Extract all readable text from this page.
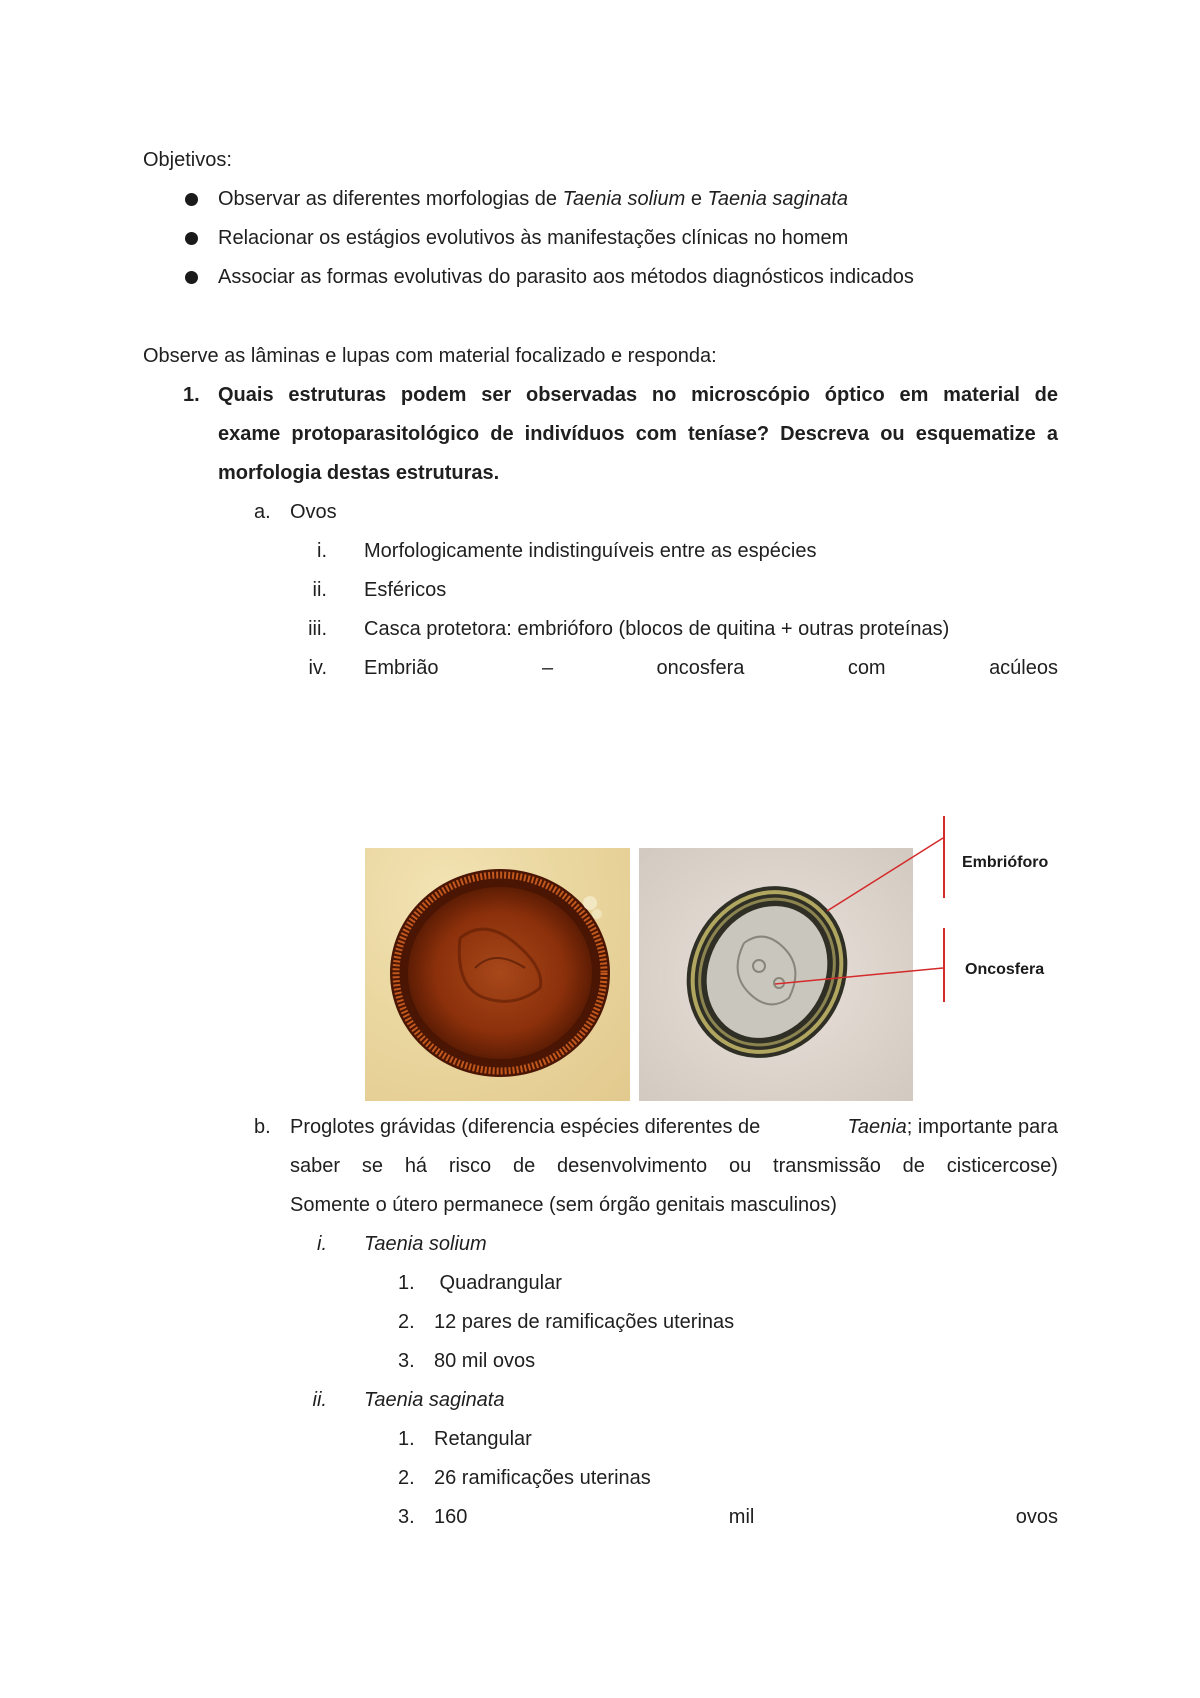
Objetivos:
Observar as diferentes morfologias de Taenia solium e Taenia saginata
Relacionar os estágios evolutivos às manifestações clínicas no homem
Associar as formas evolutivas do parasito aos métodos diagnósticos indicados
Observe as lâminas e lupas com material focalizado e responda:
1. Quais estruturas podem ser observadas no microscópio óptico em material de
exame protoparasitológico de indivíduos com teníase? Descreva ou esquematize a
morfologia destas estruturas.
a. Ovos
i. Morfologicamente indistinguíveis entre as espécies
ii. Esféricos
iii. Casca protetora: embrióforo (blocos de quitina + outras proteínas)
iv. Embrião	–	oncosfera	com	acúleos
Embrióforo
Oncosfera
b. Proglotes grávidas (diferencia espécies diferentes de	Taenia; importante para
saber se há risco de desenvolvimento ou transmissão de cisticercose)
Somente o útero permanece (sem órgão genitais masculinos)
i. Taenia solium
1. Quadrangular
2. 12 pares de ramificações uterinas
3. 80 mil ovos
ii. Taenia saginata
1. Retangular
2. 26 ramificações uterinas
3. 160	mil	ovos
